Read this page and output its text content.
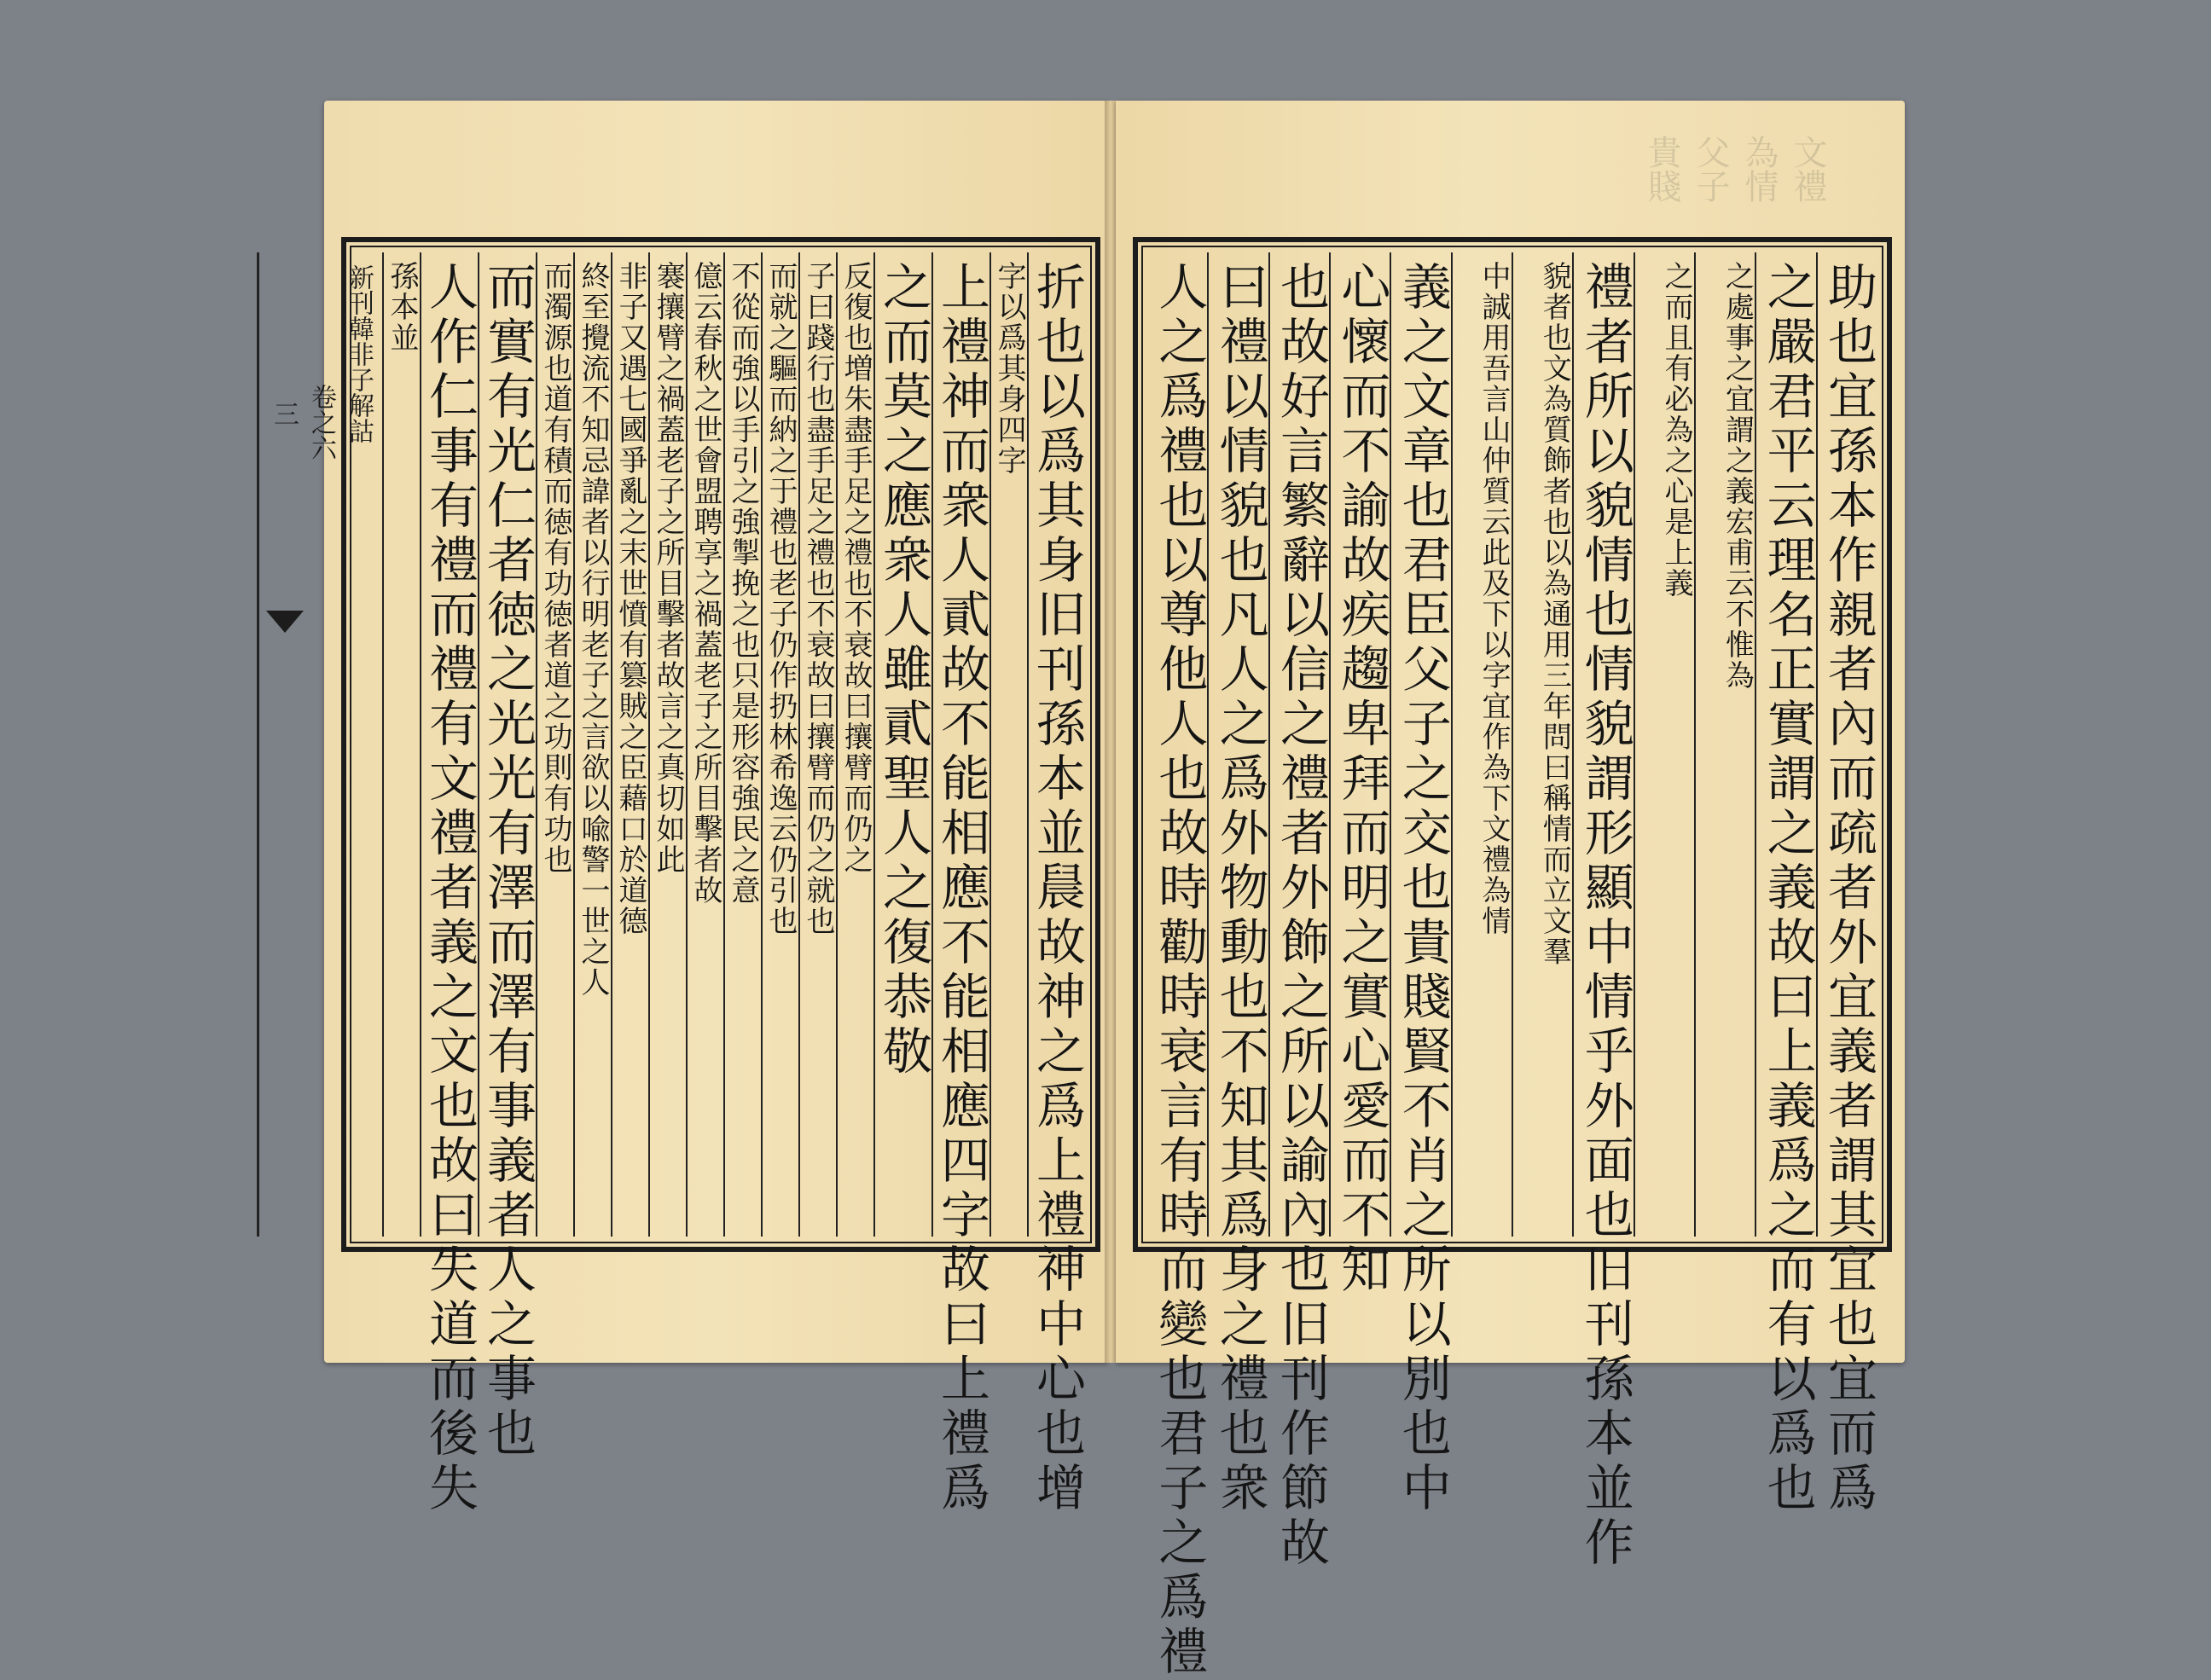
折也以爲其身旧刊孫本並䢅故神之爲上禮神中心也增
字以爲其身四字
上禮神而衆人貳故不能相應不能相應四字故曰上禮爲
之而莫之應衆人雖貳聖人之復恭敬
反復也増朱盡手足之禮也不衰故曰攘臂而仍之
子曰踐行也盡手足之禮也不衰故曰攘臂而仍之就也
而就之驅而納之于禮也老子仍作扔林希逸云仍引也
不從而強以手引之強掣挽之也只是形容強民之意
億云春秋之世會盟聘享之禍蓋老子之所目擊者故
褰攘臂之禍蓋老子之所目擊者故言之真切如此
非子又遇七國爭亂之末世憤有篡賊之臣藉口於道德
終至攪流不知忌諱者以行明老子之言欲以喩警一世之人
而濁源也道有積而徳有功徳者道之功則有功也
而實有光仁者徳之光光有澤而澤有事義者人之事也
人作仁事有禮而禮有文禮者義之文也故曰失道而後失
孫本並
新刊韓非子解詁
卷之六
三
文禮為情 父子貴賤
助也宜孫本作親者內而疏者外宜義者謂其宜也宜而爲
之嚴君平云理名正實謂之義故曰上義爲之而有以爲也
之處事之宜謂之義宏甫云不惟為
之而且有必為之心是上義
禮者所以貌情也情貌謂形顯中情乎外面也旧刊孫本並作
貌者也文為質飾者也以為通用三年問曰稱情而立文羣
中誠用吾言山仲質云此及下以字宜作為下文禮為情
義之文章也君臣父子之交也貴賤賢不肖之所以別也中
心懷而不諭故疾趨卑拜而明之實心愛而不知
也故好言繁辭以信之禮者外飾之所以諭內也旧刊作節故
曰禮以情貌也凡人之爲外物動也不知其爲身之禮也衆
人之爲禮也以尊他人也故時勸時衰言有時而變也君子之爲禮
